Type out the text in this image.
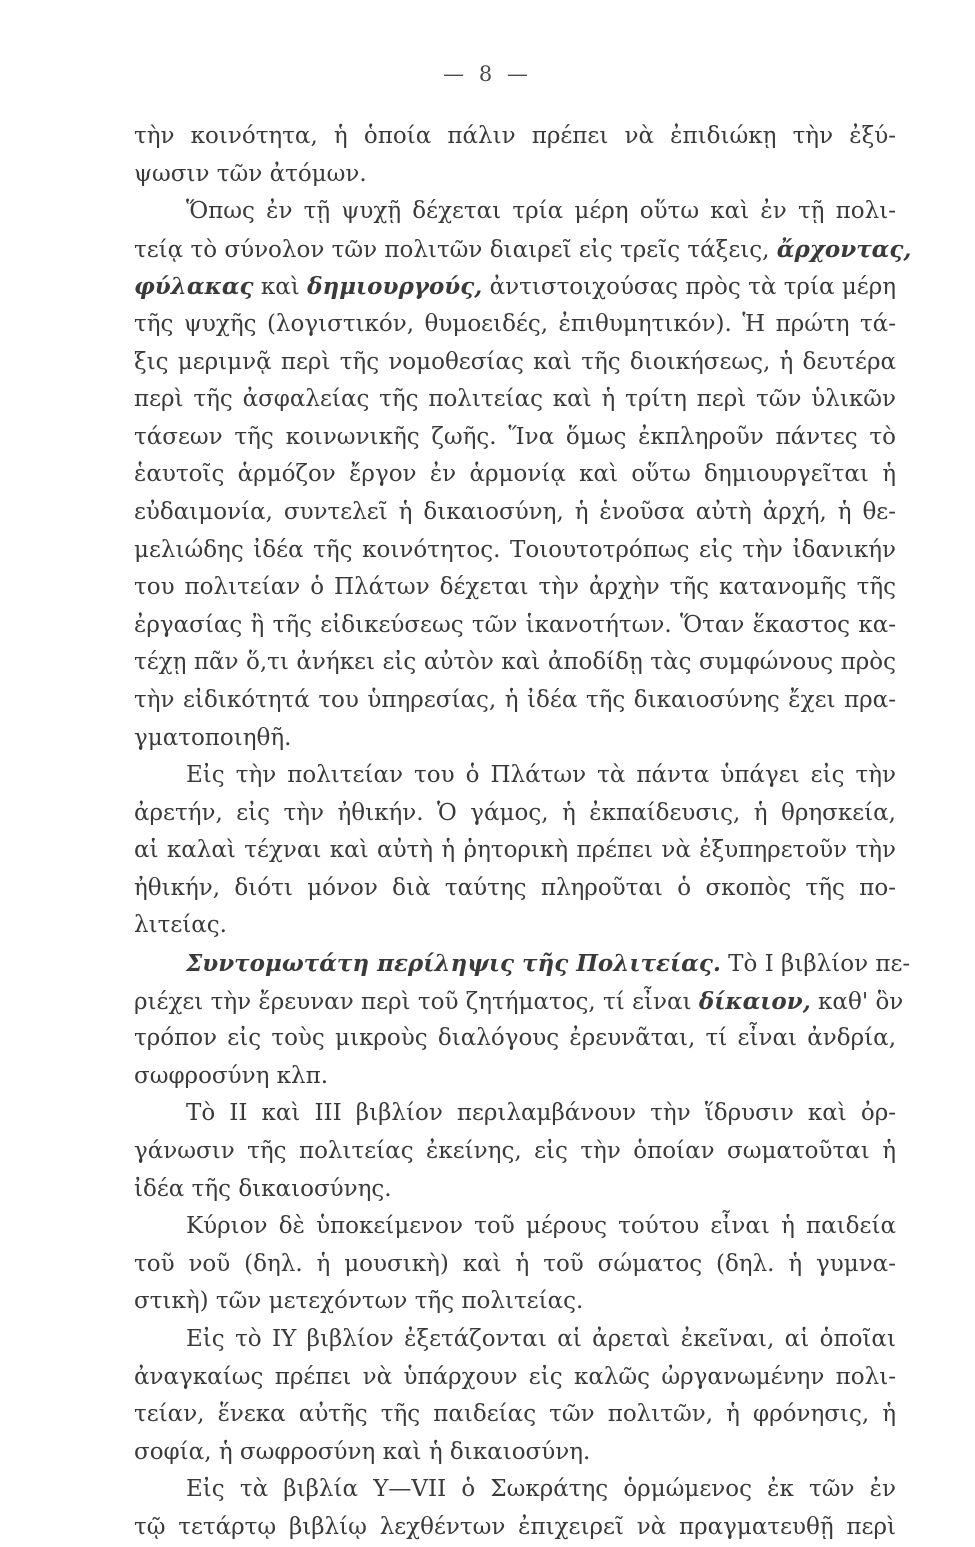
— 8 —
τὴν κοινότητα, ἡ ὁποία πάλιν πρέπει νὰ ἐπιδιώκῃ τὴν ἐξύ-
ψωσιν τῶν ἀτόμων.
Ὅπως ἐν τῇ ψυχῇ δέχεται τρία μέρη οὕτω καὶ ἐν τῇ πολι-
τείᾳ τὸ σύνολον τῶν πολιτῶν διαιρεῖ εἰς τρεῖς τάξεις, ἄρχοντας,
φύλακας καὶ δημιουργούς, ἀντιστοιχούσας πρὸς τὰ τρία μέρη
τῆς ψυχῆς (λογιστικόν, θυμοειδές, ἐπιθυμητικόν). Ἡ πρώτη τά-
ξις μεριμνᾷ περὶ τῆς νομοθεσίας καὶ τῆς διοικήσεως, ἡ δευτέρα
περὶ τῆς ἀσφαλείας τῆς πολιτείας καὶ ἡ τρίτη περὶ τῶν ὑλικῶν
τάσεων τῆς κοινωνικῆς ζωῆς. Ἵνα ὅμως ἐκπληροῦν πάντες τὸ
ἑαυτοῖς ἁρμόζον ἔργον ἐν ἁρμονίᾳ καὶ οὕτω δημιουργεῖται ἡ
εὐδαιμονία, συντελεῖ ἡ δικαιοσύνη, ἡ ἑνοῦσα αὐτὴ ἀρχή, ἡ θε-
μελιώδης ἰδέα τῆς κοινότητος. Τοιουτοτρόπως εἰς τὴν ἰδανικήν
του πολιτείαν ὁ Πλάτων δέχεται τὴν ἀρχὴν τῆς κατανομῆς τῆς
ἐργασίας ἢ τῆς εἰδικεύσεως τῶν ἱκανοτήτων. Ὅταν ἕκαστος κα-
τέχῃ πᾶν ὅ,τι ἀνήκει εἰς αὐτὸν καὶ ἀποδίδῃ τὰς συμφώνους πρὸς
τὴν εἰδικότητά του ὑπηρεσίας, ἡ ἰδέα τῆς δικαιοσύνης ἔχει πρα-
γματοποιηθῆ.
Εἰς τὴν πολιτείαν του ὁ Πλάτων τὰ πάντα ὑπάγει εἰς τὴν
ἀρετήν, εἰς τὴν ἠθικήν. Ὁ γάμος, ἡ ἐκπαίδευσις, ἡ θρησκεία,
αἱ καλαὶ τέχναι καὶ αὐτὴ ἡ ῥητορικὴ πρέπει νὰ ἐξυπηρετοῦν τὴν
ἠθικήν, διότι μόνον διὰ ταύτης πληροῦται ὁ σκοπὸς τῆς πο-
λιτείας.
Συντομωτάτη περίληψις τῆς Πολιτείας. Τὸ Ι βιβλίον πε-
ριέχει τὴν ἔρευναν περὶ τοῦ ζητήματος, τί εἶναι δίκαιον, καθ' ὃν
τρόπον εἰς τοὺς μικροὺς διαλόγους ἐρευνᾶται, τί εἶναι ἀνδρία,
σωφροσύνη κλπ.
Τὸ ΙΙ καὶ ΙΙΙ βιβλίον περιλαμβάνουν τὴν ἵδρυσιν καὶ ὀρ-
γάνωσιν τῆς πολιτείας ἐκείνης, εἰς τὴν ὁποίαν σωματοῦται ἡ
ἰδέα τῆς δικαιοσύνης.
Κύριον δὲ ὑποκείμενον τοῦ μέρους τούτου εἶναι ἡ παιδεία
τοῦ νοῦ (δηλ. ἡ μουσικὴ) καὶ ἡ τοῦ σώματος (δηλ. ἡ γυμνα-
στικὴ) τῶν μετεχόντων τῆς πολιτείας.
Εἰς τὸ ΙΥ βιβλίον ἐξετάζονται αἱ ἀρεταὶ ἐκεῖναι, αἱ ὁποῖαι
ἀναγκαίως πρέπει νὰ ὑπάρχουν εἰς καλῶς ὠργανωμένην πολι-
τείαν, ἕνεκα αὐτῆς τῆς παιδείας τῶν πολιτῶν, ἡ φρόνησις, ἡ
σοφία, ἡ σωφροσύνη καὶ ἡ δικαιοσύνη.
Εἰς τὰ βιβλία Υ—VΙΙ ὁ Σωκράτης ὁρμώμενος ἐκ τῶν ἐν
τῷ τετάρτῳ βιβλίῳ λεχθέντων ἐπιχειρεῖ νὰ πραγματευθῇ περὶ
